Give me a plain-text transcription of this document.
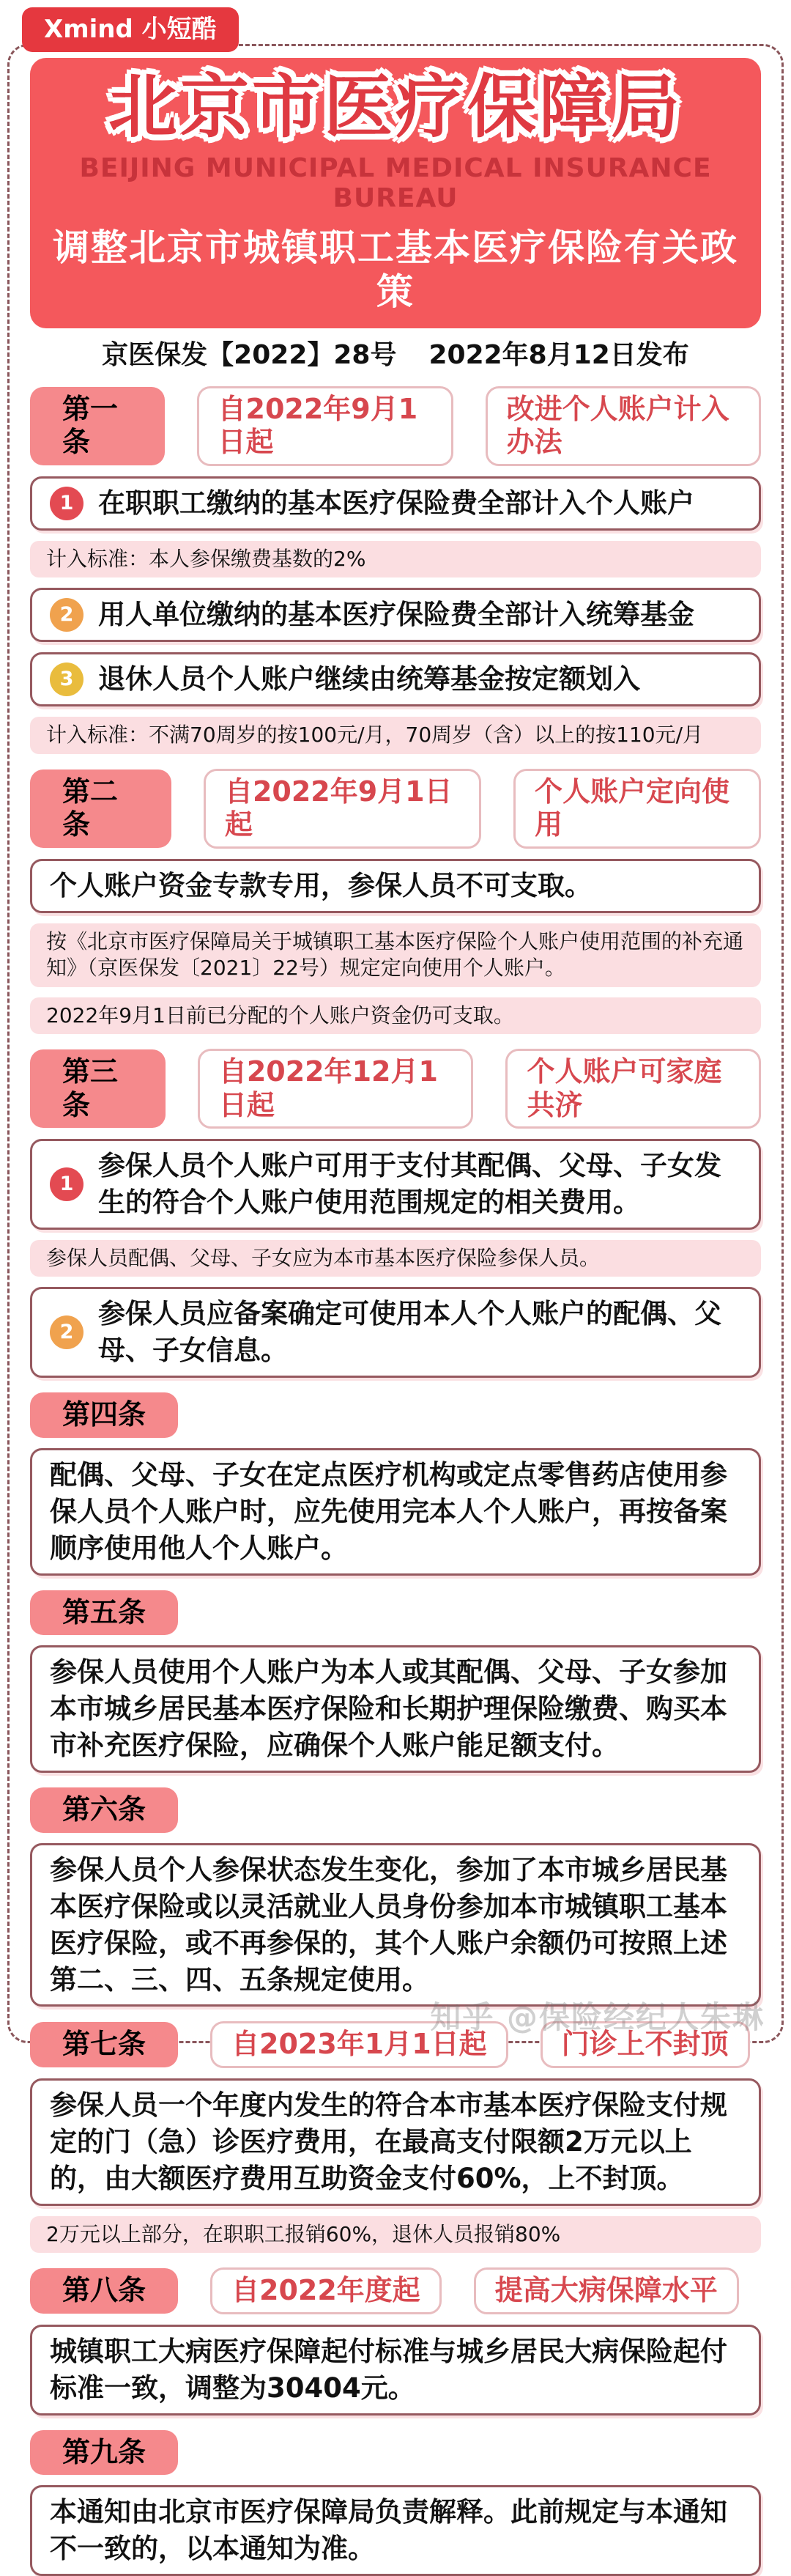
Xmind 小短酷
北京市医疗保障局
BEIJING MUNICIPAL MEDICAL INSURANCE BUREAU
调整北京市城镇职工基本医疗保险有关政策
京医保发【2022】28号 2022年8月12日发布
第一条
自2022年9月1日起
改进个人账户计入办法
1 在职职工缴纳的基本医疗保险费全部计入个人账户
计入标准：本人参保缴费基数的2%
2 用人单位缴纳的基本医疗保险费全部计入统筹基金
3 退休人员个人账户继续由统筹基金按定额划入
计入标准：不满70周岁的按100元/月，70周岁（含）以上的按110元/月
第二条
自2022年9月1日起
个人账户定向使用
个人账户资金专款专用，参保人员不可支取。
按《北京市医疗保障局关于城镇职工基本医疗保险个人账户使用范围的补充通知》（京医保发〔2021〕22号）规定定向使用个人账户。
2022年9月1日前已分配的个人账户资金仍可支取。
第三条
自2022年12月1日起
个人账户可家庭共济
1
参保人员个人账户可用于支付其配偶、父母、子女发生的符合个人账户使用范围规定的相关费用。
参保人员配偶、父母、子女应为本市基本医疗保险参保人员。
2
参保人员应备案确定可使用本人个人账户的配偶、父母、子女信息。
第四条
配偶、父母、子女在定点医疗机构或定点零售药店使用参保人员个人账户时，应先使用完本人个人账户，再按备案顺序使用他人个人账户。
第五条
参保人员使用个人账户为本人或其配偶、父母、子女参加本市城乡居民基本医疗保险和长期护理保险缴费、购买本市补充医疗保险，应确保个人账户能足额支付。
第六条
参保人员个人参保状态发生变化，参加了本市城乡居民基本医疗保险或以灵活就业人员身份参加本市城镇职工基本医疗保险，或不再参保的，其个人账户余额仍可按照上述第二、三、四、五条规定使用。
第七条	自2023年1月1日起	门诊上不封顶
参保人员一个年度内发生的符合本市基本医疗保险支付规定的门（急）诊医疗费用，在最高支付限额2万元以上的，由大额医疗费用互助资金支付60%，上不封顶。
2万元以上部分，在职职工报销60%，退休人员报销80%
第八条	自2022年度起	提高大病保障水平
城镇职工大病医疗保障起付标准与城乡居民大病保险起付标准一致，调整为30404元。
第九条
本通知由北京市医疗保障局负责解释。此前规定与本通知不一致的，以本通知为准。
知乎 @保险经纪人朱琳
